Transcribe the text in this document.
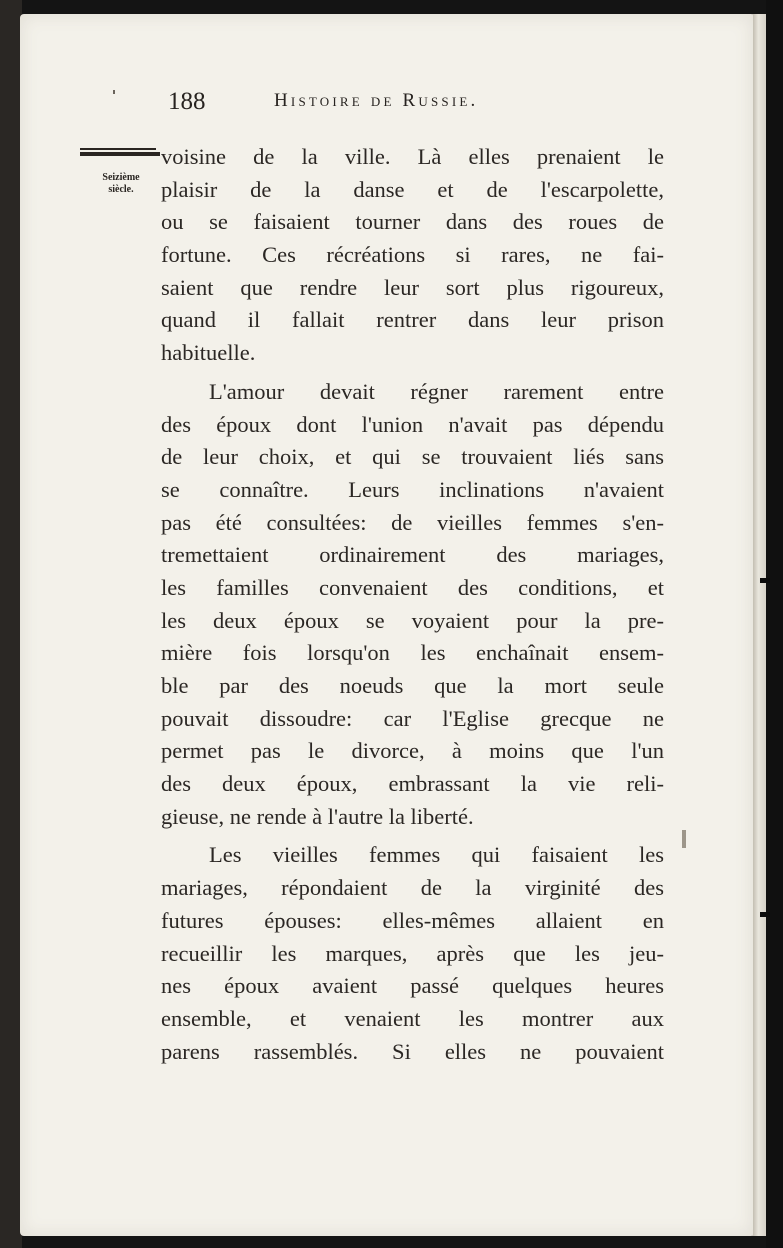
188	Histoire de Russie.
Seizième
siècle.
voisine de la ville. Là elles prenaient le
plaisir de la danse et de l'escarpolette,
ou se faisaient tourner dans des roues de
fortune. Ces récréations si rares, ne fai-
saient que rendre leur sort plus rigoureux,
quand il fallait rentrer dans leur prison
habituelle.
L'amour devait régner rarement entre
des époux dont l'union n'avait pas dépendu
de leur choix, et qui se trouvaient liés sans
se connaître. Leurs inclinations n'avaient
pas été consultées: de vieilles femmes s'en-
tremettaient ordinairement des mariages,
les familles convenaient des conditions, et
les deux époux se voyaient pour la pre-
mière fois lorsqu'on les enchaînait ensem-
ble par des noeuds que la mort seule
pouvait dissoudre: car l'Eglise grecque ne
permet pas le divorce, à moins que l'un
des deux époux, embrassant la vie reli-
gieuse, ne rende à l'autre la liberté.
Les vieilles femmes qui faisaient les
mariages, répondaient de la virginité des
futures épouses: elles-mêmes allaient en
recueillir les marques, après que les jeu-
nes époux avaient passé quelques heures
ensemble, et venaient les montrer aux
parens rassemblés. Si elles ne pouvaient
